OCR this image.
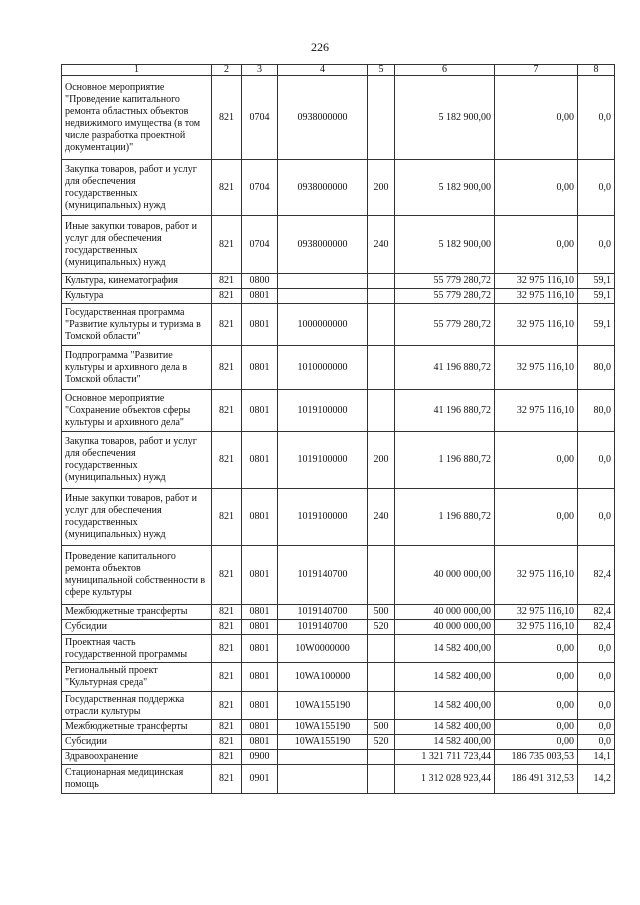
226
1	2	3	4	5	6	7	8
Основное мероприятие "Проведение капитального ремонта областных объектов недвижимого имущества (в том числе разработка проектной документации)"	821	0704	0938000000		5 182 900,00	0,00	0,0
Закупка товаров, работ и услуг для обеспечения государственных (муниципальных) нужд	821	0704	0938000000	200	5 182 900,00	0,00	0,0
Иные закупки товаров, работ и услуг для обеспечения государственных (муниципальных) нужд	821	0704	0938000000	240	5 182 900,00	0,00	0,0
Культура, кинематография	821	0800			55 779 280,72	32 975 116,10	59,1
Культура	821	0801			55 779 280,72	32 975 116,10	59,1
Государственная программа "Развитие культуры и туризма в Томской области"	821	0801	1000000000		55 779 280,72	32 975 116,10	59,1
Подпрограмма "Развитие культуры и архивного дела в Томской области"	821	0801	1010000000		41 196 880,72	32 975 116,10	80,0
Основное мероприятие "Сохранение объектов сферы культуры и архивного дела"	821	0801	1019100000		41 196 880,72	32 975 116,10	80,0
Закупка товаров, работ и услуг для обеспечения государственных (муниципальных) нужд	821	0801	1019100000	200	1 196 880,72	0,00	0,0
Иные закупки товаров, работ и услуг для обеспечения государственных (муниципальных) нужд	821	0801	1019100000	240	1 196 880,72	0,00	0,0
Проведение капитального ремонта объектов муниципальной собственности в сфере культуры	821	0801	1019140700		40 000 000,00	32 975 116,10	82,4
Межбюджетные трансферты	821	0801	1019140700	500	40 000 000,00	32 975 116,10	82,4
Субсидии	821	0801	1019140700	520	40 000 000,00	32 975 116,10	82,4
Проектная часть государственной программы	821	0801	10W0000000		14 582 400,00	0,00	0,0
Региональный проект "Культурная среда"	821	0801	10WA100000		14 582 400,00	0,00	0,0
Государственная поддержка отрасли культуры	821	0801	10WA155190		14 582 400,00	0,00	0,0
Межбюджетные трансферты	821	0801	10WA155190	500	14 582 400,00	0,00	0,0
Субсидии	821	0801	10WA155190	520	14 582 400,00	0,00	0,0
Здравоохранение	821	0900			1 321 711 723,44	186 735 003,53	14,1
Стационарная медицинская помощь	821	0901			1 312 028 923,44	186 491 312,53	14,2
